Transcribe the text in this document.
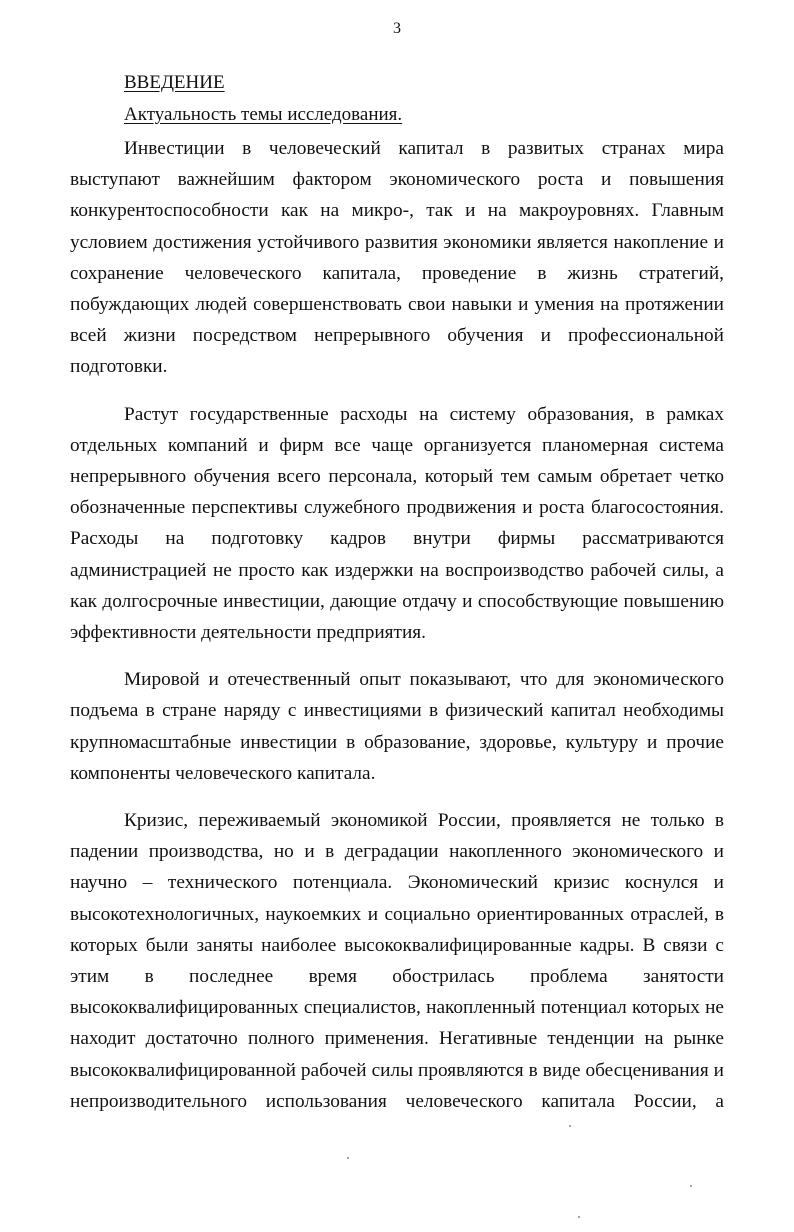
3
ВВЕДЕНИЕ
Актуальность темы исследования.

Инвестиции в человеческий капитал в развитых странах мира выступают важнейшим фактором экономического роста и повышения конкурентоспособности как на микро-, так и на макроуровнях. Главным условием достижения устойчивого развития экономики является накопление и сохранение человеческого капитала, проведение в жизнь стратегий, побуждающих людей совершенствовать свои навыки и умения на протяжении всей жизни посредством непрерывного обучения и профессиональной подготовки.

Растут государственные расходы на систему образования, в рамках отдельных компаний и фирм все чаще организуется планомерная система непрерывного обучения всего персонала, который тем самым обретает четко обозначенные перспективы служебного продвижения и роста благосостояния. Расходы на подготовку кадров внутри фирмы рассматриваются администрацией не просто как издержки на воспроизводство рабочей силы, а как долгосрочные инвестиции, дающие отдачу и способствующие повышению эффективности деятельности предприятия.

Мировой и отечественный опыт показывают, что для экономического подъема в стране наряду с инвестициями в физический капитал необходимы крупномасштабные инвестиции в образование, здоровье, культуру и прочие компоненты человеческого капитала.

Кризис, переживаемый экономикой России, проявляется не только в падении производства, но и в деградации накопленного экономического и научно – технического потенциала. Экономический кризис коснулся и высокотехнологичных, наукоемких и социально ориентированных отраслей, в которых были заняты наиболее высококвалифицированные кадры. В связи с этим в последнее время обострилась проблема занятости высококвалифицированных специалистов, накопленный потенциал которых не находит достаточно полного применения. Негативные тенденции на рынке высококвалифицированной рабочей силы проявляются в виде обесценивания и непроизводительного использования человеческого капитала России, а
